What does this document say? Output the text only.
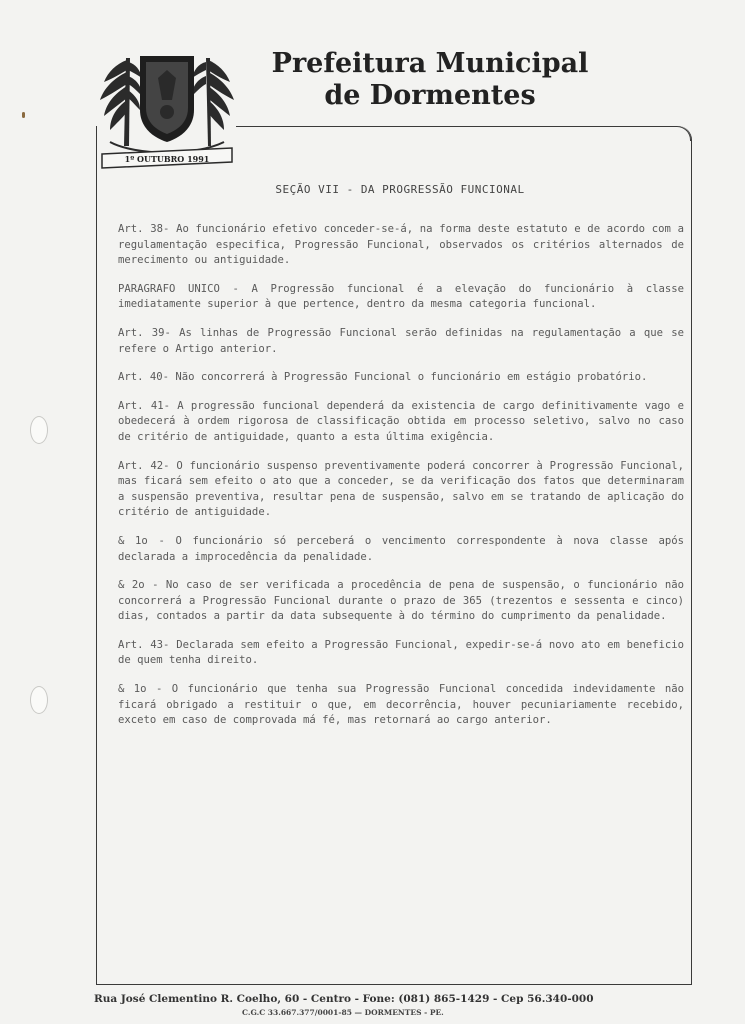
1º OUTUBRO 1991
Prefeitura Municipal
de Dormentes
SEÇÃO VII - DA PROGRESSÃO FUNCIONAL

Art. 38- Ao funcionário efetivo conceder-se-á, na forma deste estatuto e de acordo com a regulamentação especifica, Progressão Funcional, observados os critérios alternados de merecimento ou antiguidade.

PARAGRAFO UNICO - A Progressão funcional é a elevação do funcionário à classe imediatamente superior à que pertence, dentro da mesma categoria funcional.

Art. 39- As linhas de Progressão Funcional serão definidas na regulamentação a que se refere o Artigo anterior.

Art. 40- Não concorrerá à Progressão Funcional o funcionário em estágio probatório.

Art. 41- A progressão funcional dependerá da existencia de cargo definitivamente vago e obedecerá à ordem rigorosa de classificação obtida em processo seletivo, salvo no caso de critério de antiguidade, quanto a esta última exigência.

Art. 42- O funcionário suspenso preventivamente poderá concorrer à Progressão Funcional, mas ficará sem efeito o ato que a conceder, se da verificação dos fatos que determinaram a suspensão preventiva, resultar pena de suspensão, salvo em se tratando de aplicação do critério de antiguidade.

& 1o - O funcionário só perceberá o vencimento correspondente à nova classe após declarada a improcedência da penalidade.

& 2o - No caso de ser verificada a procedência de pena de suspensão, o funcionário não concorrerá a Progressão Funcional durante o prazo de 365 (trezentos e sessenta e cinco) dias, contados a partir da data subsequente à do término do cumprimento da penalidade.

Art. 43- Declarada sem efeito a Progressão Funcional, expedir-se-á novo ato em beneficio de quem tenha direito.

& 1o - O funcionário que tenha sua Progressão Funcional concedida indevidamente não ficará obrigado a restituir o que, em decorrência, houver pecuniariamente recebido, exceto em caso de comprovada má fé, mas retornará ao cargo anterior.

Rua José Clementino R. Coelho, 60 - Centro - Fone: (081) 865-1429 - Cep 56.340-000
C.G.C 33.667.377/0001-85 — DORMENTES - PE.
